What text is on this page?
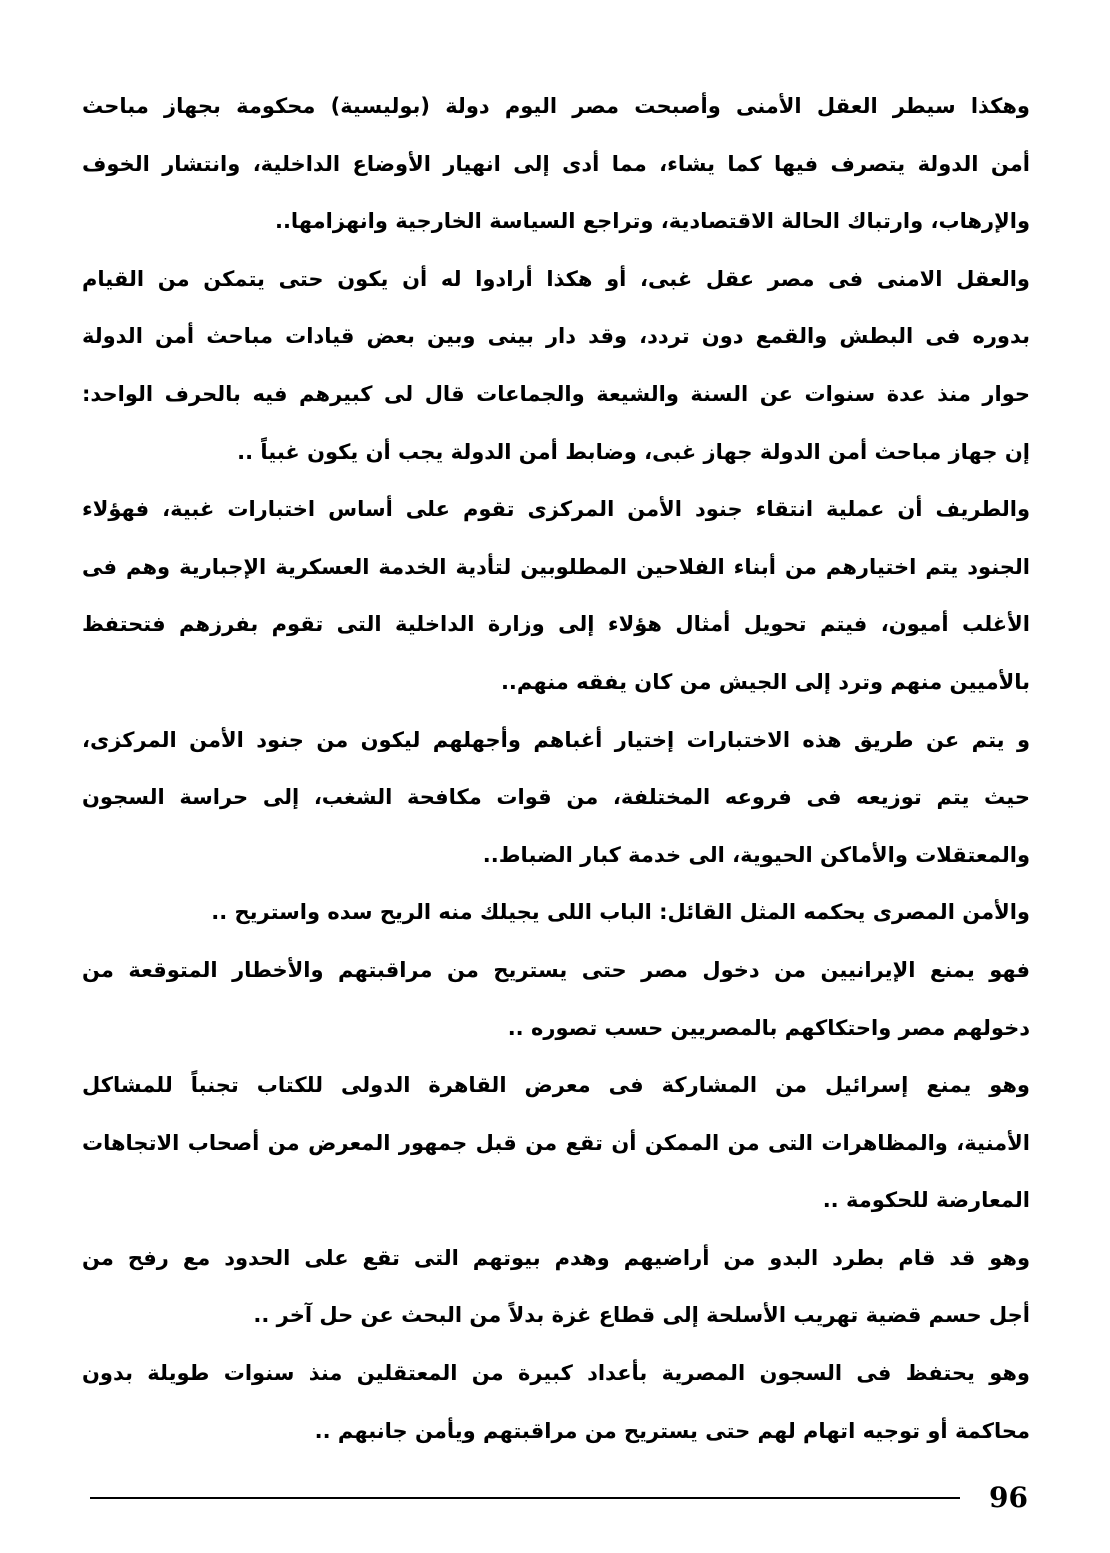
وهكذا سيطر العقل الأمنى وأصبحت مصر اليوم دولة (بوليسية) محكومة بجهاز مباحث
أمن الدولة يتصرف فيها كما يشاء، مما أدى إلى انهيار الأوضاع الداخلية، وانتشار الخوف
والإرهاب، وارتباك الحالة الاقتصادية، وتراجع السياسة الخارجية وانهزامها..
والعقل الامنى فى مصر عقل غبى، أو هكذا أرادوا له أن يكون حتى يتمكن من القيام
بدوره فى البطش والقمع دون تردد، وقد دار بينى وبين بعض قيادات مباحث أمن الدولة
حوار منذ عدة سنوات عن السنة والشيعة والجماعات قال لى كبيرهم فيه بالحرف الواحد:
إن جهاز مباحث أمن الدولة جهاز غبى، وضابط أمن الدولة يجب أن يكون غبياً ..
والطريف أن عملية انتقاء جنود الأمن المركزى تقوم على أساس اختبارات غبية، فهؤلاء
الجنود يتم اختيارهم من أبناء الفلاحين المطلوبين لتأدية الخدمة العسكرية الإجبارية وهم فى
الأغلب أميون، فيتم تحويل أمثال هؤلاء إلى وزارة الداخلية التى تقوم بفرزهم فتحتفظ
بالأميين منهم وترد إلى الجيش من كان يفقه منهم..
و يتم عن طريق هذه الاختبارات إختيار أغباهم وأجهلهم ليكون من جنود الأمن المركزى،
حيث يتم توزيعه فى فروعه المختلفة، من قوات مكافحة الشغب، إلى حراسة السجون
والمعتقلات والأماكن الحيوية، الى خدمة كبار الضباط..
والأمن المصرى يحكمه المثل القائل: الباب اللى يجيلك منه الريح سده واستريح ..
فهو يمنع الإيرانيين من دخول مصر حتى يستريح من مراقبتهم والأخطار المتوقعة من
دخولهم مصر واحتكاكهم بالمصريين حسب تصوره ..
وهو يمنع إسرائيل من المشاركة فى معرض القاهرة الدولى للكتاب تجنباً للمشاكل
الأمنية، والمظاهرات التى من الممكن أن تقع من قبل جمهور المعرض من أصحاب الاتجاهات
المعارضة للحكومة ..
وهو قد قام بطرد البدو من أراضيهم وهدم بيوتهم التى تقع على الحدود مع رفح من
أجل حسم قضية تهريب الأسلحة إلى قطاع غزة بدلاً من البحث عن حل آخر ..
وهو يحتفظ فى السجون المصرية بأعداد كبيرة من المعتقلين منذ سنوات طويلة بدون
محاكمة أو توجيه اتهام لهم حتى يستريح من مراقبتهم ويأمن جانبهم ..
96
